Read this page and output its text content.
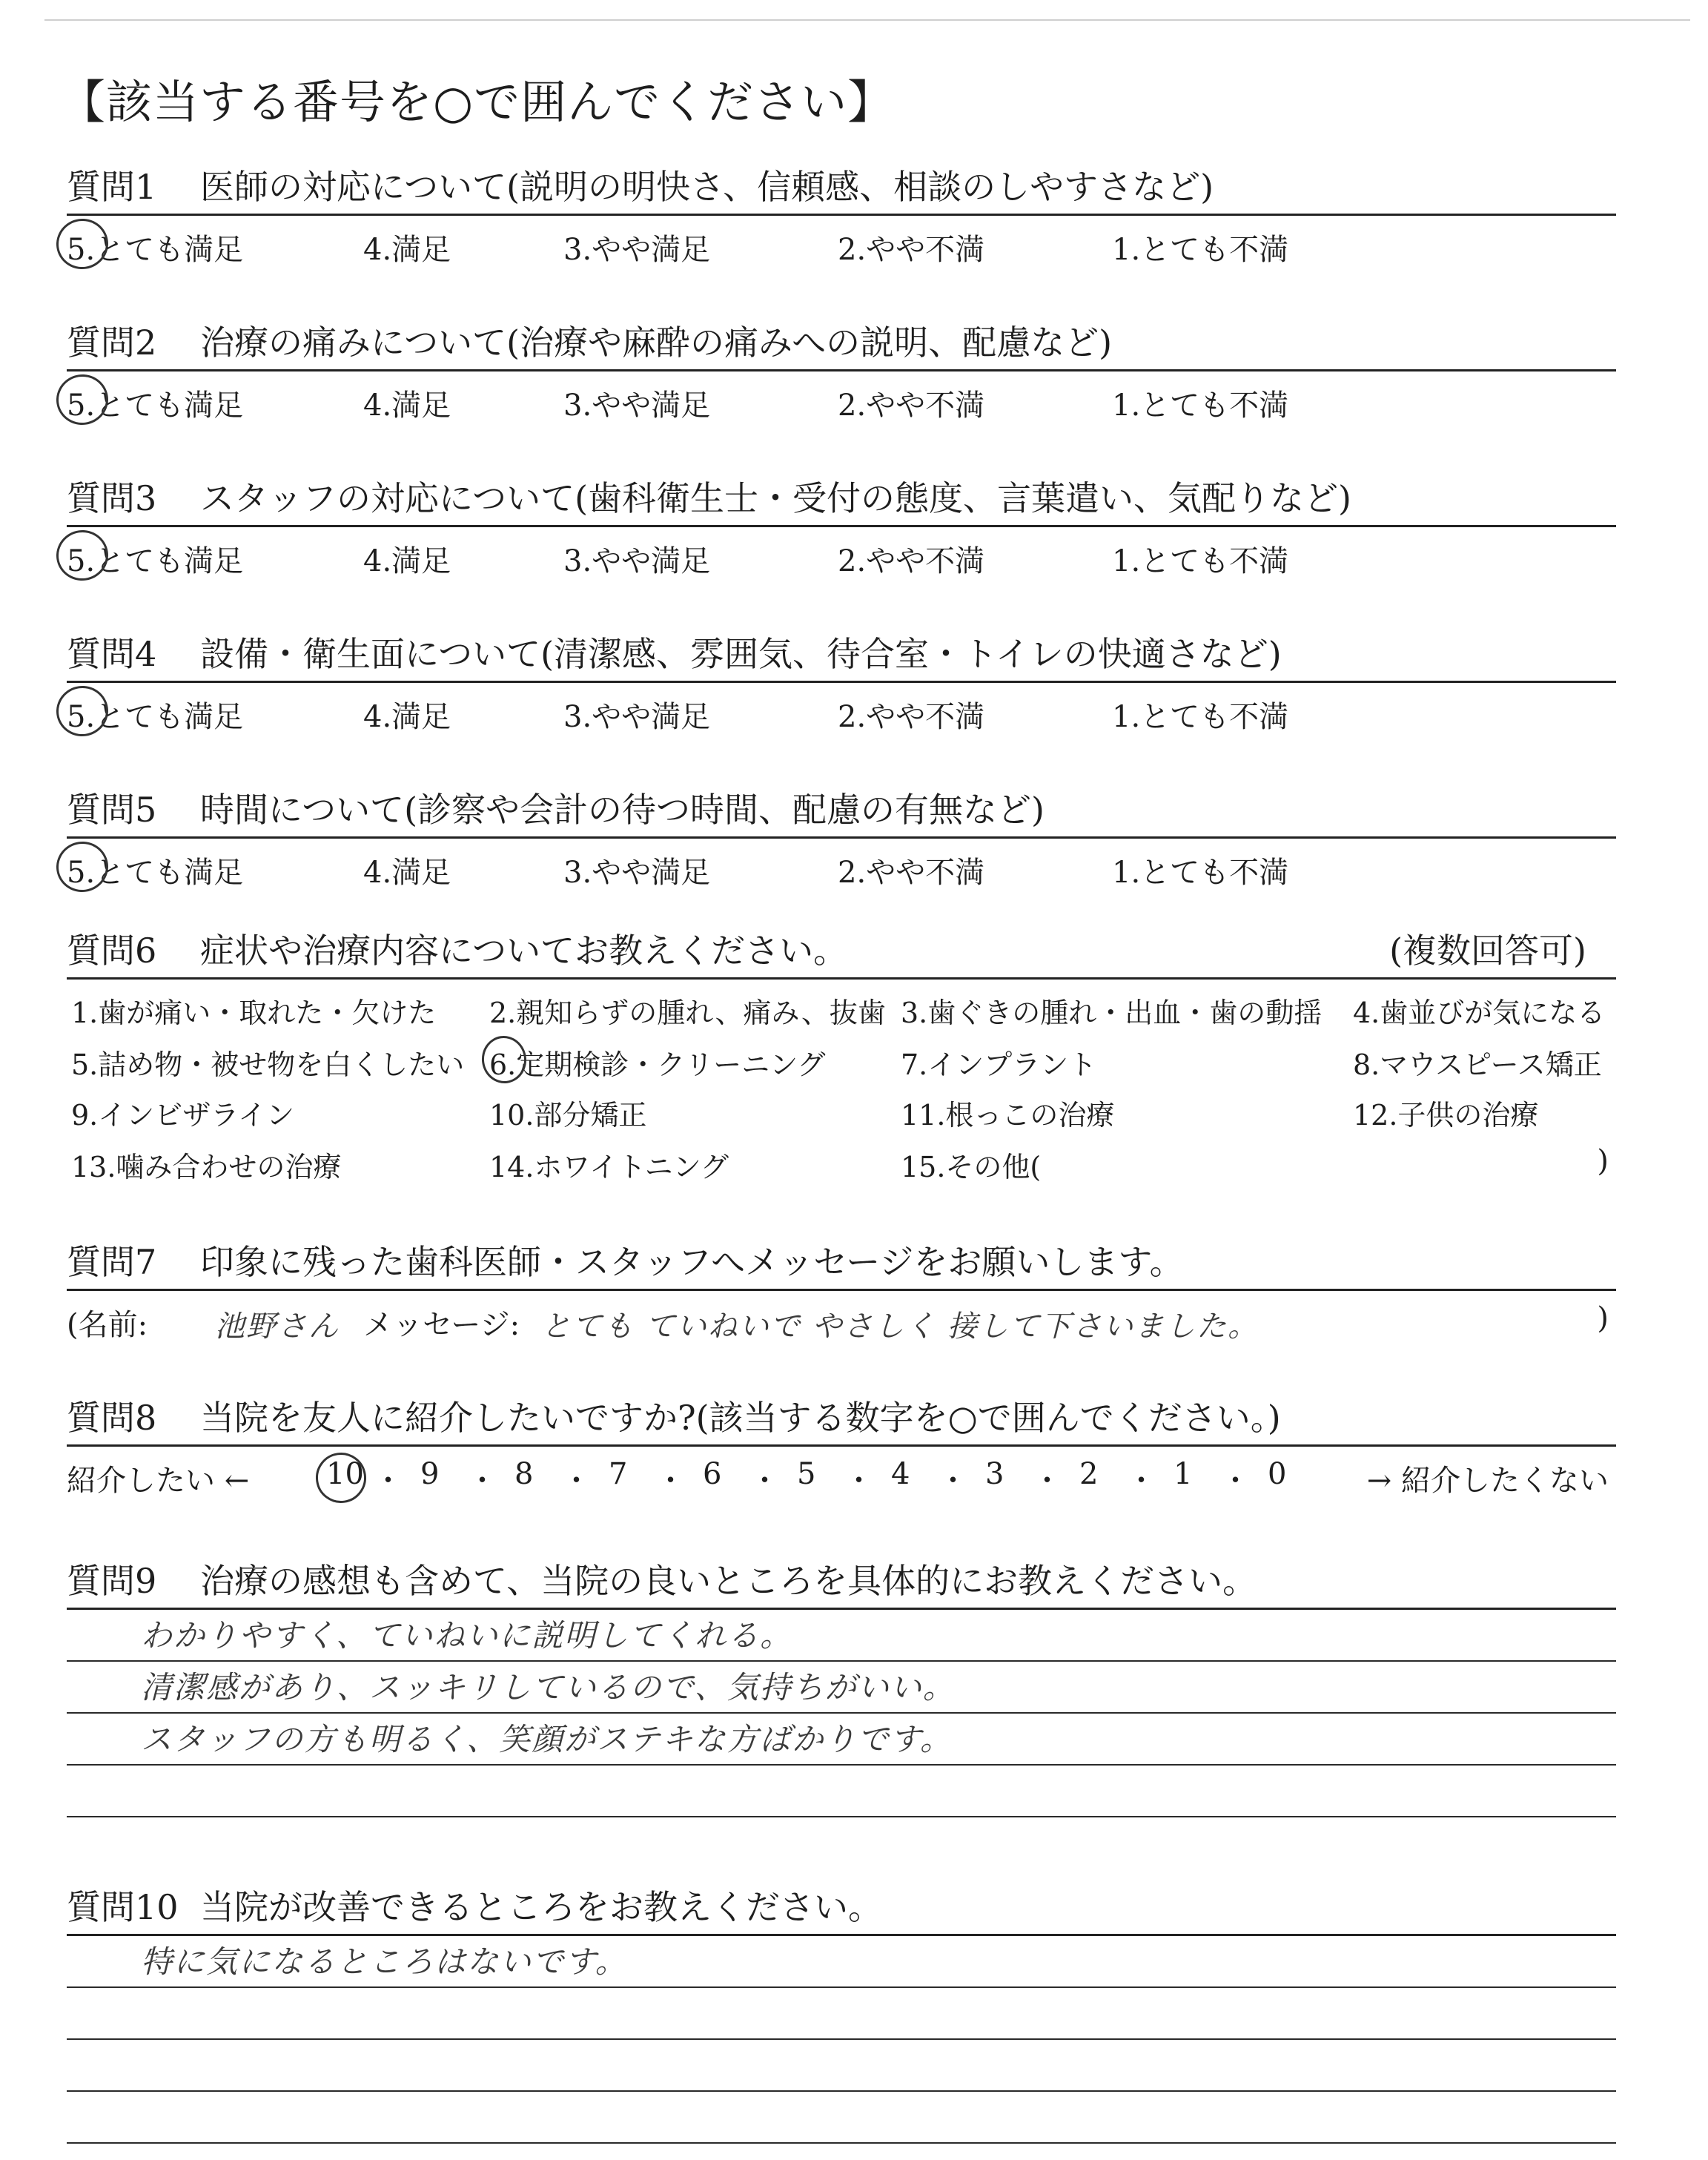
【該当する番号を○で囲んでください】
質問1 医師の対応について(説明の明快さ、信頼感、相談のしやすさなど)
5.とても満足	4.満足	3.やや満足	2.やや不満	1.とても不満
質問2 治療の痛みについて(治療や麻酔の痛みへの説明、配慮など)
5.とても満足	4.満足	3.やや満足	2.やや不満	1.とても不満
質問3 スタッフの対応について(歯科衛生士・受付の態度、言葉遣い、気配りなど)
5.とても満足	4.満足	3.やや満足	2.やや不満	1.とても不満
質問4 設備・衛生面について(清潔感、雰囲気、待合室・トイレの快適さなど)
5.とても満足	4.満足	3.やや満足	2.やや不満	1.とても不満
質問5 時間について(診察や会計の待つ時間、配慮の有無など)
5.とても満足	4.満足	3.やや満足	2.やや不満	1.とても不満
質問6 症状や治療内容についてお教えください。	(複数回答可)
1.歯が痛い・取れた・欠けた 2.親知らずの腫れ、痛み、抜歯 3.歯ぐきの腫れ・出血・歯の動揺 4.歯並びが気になる
5.詰め物・被せ物を白くしたい 6.定期検診・クリーニング	7.インプラント	8.マウスピース矯正
9.インビザライン	10.部分矯正	11.根っこの治療	12.子供の治療
13.噛み合わせの治療	14.ホワイトニング	15.その他(	)
質問7 印象に残った歯科医師・スタッフへメッセージをお願いします。
(名前: 池野さん メッセージ: とても ていねいで やさしく 接して下さいました。	)
質問8 当院を友人に紹介したいですか?(該当する数字を○で囲んでください。)
紹介したい ←	→ 紹介したくない
10 ・ 9 ・ 8 ・ 7 ・ 6 ・ 5 ・ 4 ・ 3 ・ 2 ・ 1 ・ 0
質問9 治療の感想も含めて、当院の良いところを具体的にお教えください。
わかりやすく、ていねいに説明してくれる。
清潔感があり、スッキリしているので、気持ちがいい。
スタッフの方も明るく、笑顔がステキな方ばかりです。
質問10 当院が改善できるところをお教えください。
特に気になるところはないです。
